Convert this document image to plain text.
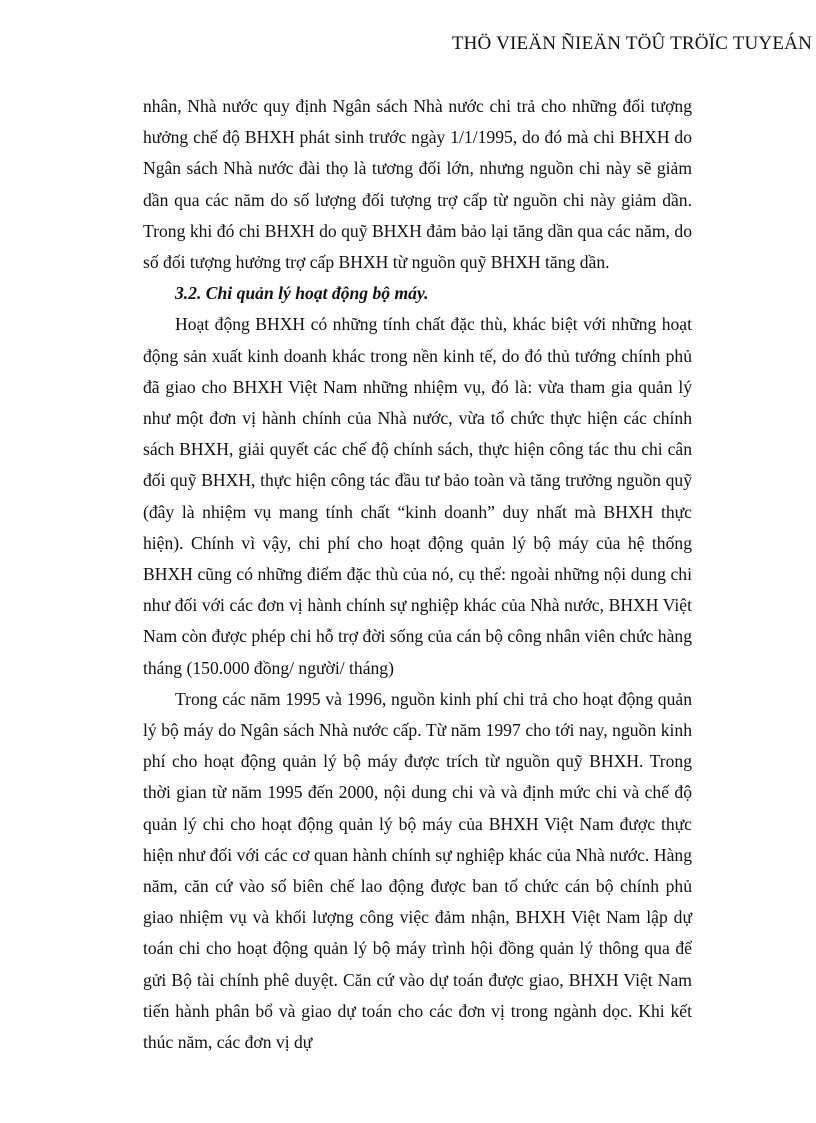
THÖ VIEÄN ÑIEÄN TÖÛ TRÖÏC TUYEÁN

nhân, Nhà nước quy định Ngân sách Nhà nước chi trả cho những đối tượng hưởng chế độ BHXH phát sinh trước ngày 1/1/1995, do đó mà chi BHXH do Ngân sách Nhà nước đài thọ là tương đối lớn, nhưng nguồn chi này sẽ giảm dần qua các năm do số lượng đối tượng trợ cấp từ nguồn chi này giảm dần. Trong khi đó chi BHXH do quỹ BHXH đảm bảo lại tăng dần qua các năm, do số đối tượng hưởng trợ cấp BHXH từ nguồn quỹ BHXH tăng dần.

3.2. Chi quản lý hoạt động bộ máy.

Hoạt động BHXH có những tính chất đặc thù, khác biệt với những hoạt động sản xuất kinh doanh khác trong nền kinh tế, do đó thủ tướng chính phủ đã giao cho BHXH Việt Nam những nhiệm vụ, đó là: vừa tham gia quản lý như một đơn vị hành chính của Nhà nước, vừa tổ chức thực hiện các chính sách BHXH, giải quyết các chế độ chính sách, thực hiện công tác thu chi cân đối quỹ BHXH, thực hiện công tác đầu tư bảo toàn và tăng trưởng nguồn quỹ (đây là nhiệm vụ mang tính chất “kinh doanh” duy nhất mà BHXH thực hiện). Chính vì vậy, chi phí cho hoạt động quản lý bộ máy của hệ thống BHXH cũng có những điểm đặc thù của nó, cụ thể: ngoài những nội dung chi như đối với các đơn vị hành chính sự nghiệp khác của Nhà nước, BHXH Việt Nam còn được phép chi hỗ trợ đời sống của cán bộ công nhân viên chức hàng tháng (150.000 đồng/ người/ tháng)

Trong các năm 1995 và 1996, nguồn kinh phí chi trả cho hoạt động quản lý bộ máy do Ngân sách Nhà nước cấp. Từ năm 1997 cho tới nay, nguồn kinh phí cho hoạt động quản lý bộ máy được trích từ nguồn quỹ BHXH. Trong thời gian từ năm 1995 đến 2000, nội dung chi và và định mức chi và chế độ quản lý chi cho hoạt động quản lý bộ máy của BHXH Việt Nam được thực hiện như đối với các cơ quan hành chính sự nghiệp khác của Nhà nước. Hàng năm, căn cứ vào số biên chế lao động được ban tổ chức cán bộ chính phủ giao nhiệm vụ và khối lượng công việc đảm nhận, BHXH Việt Nam lập dự toán chi cho hoạt động quản lý bộ máy trình hội đồng quản lý thông qua để gửi Bộ tài chính phê duyệt. Căn cứ vào dự toán được giao, BHXH Việt Nam tiến hành phân bổ và giao dự toán cho các đơn vị trong ngành dọc. Khi kết thúc năm, các đơn vị dự
